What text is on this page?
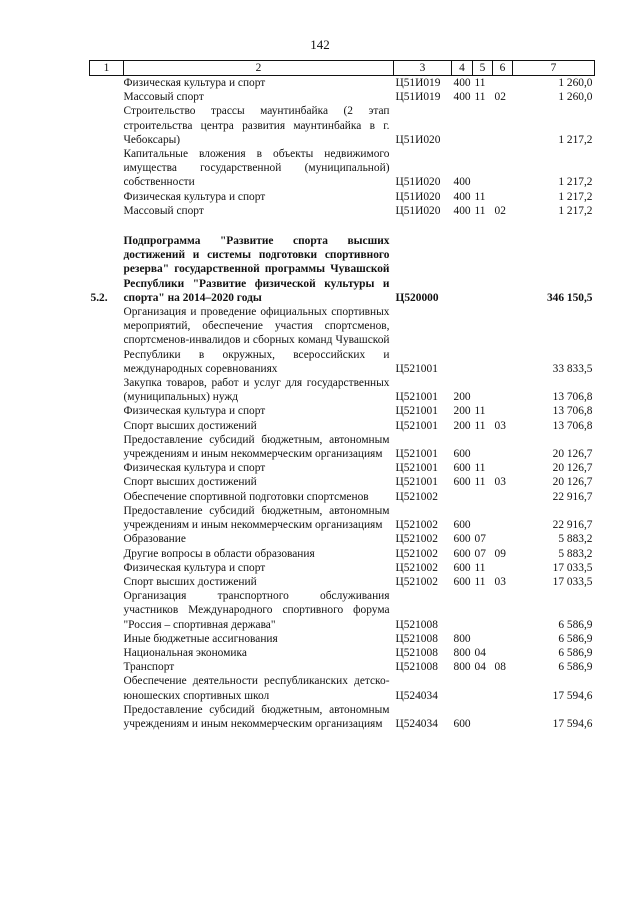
142
1	2	3	4	5	6	7
	Физическая культура и спорт	Ц51И019	400	11		1 260,0
	Массовый спорт	Ц51И019	400	11	02	1 260,0
	Строительство трассы маунтинбайка (2 этап строительства центра развития маунтинбайка в г. Чебоксары)	Ц51И020				1 217,2
	Капитальные вложения в объекты недвижимого имущества государственной (муниципальной) собственности	Ц51И020	400			1 217,2
	Физическая культура и спорт	Ц51И020	400	11		1 217,2
	Массовый спорт	Ц51И020	400	11	02	1 217,2

5.2.	Подпрограмма "Развитие спорта высших достижений и системы подготовки спортивного резерва" государственной программы Чувашской Республики "Развитие физической культуры и спорта" на 2014–2020 годы	Ц520000				346 150,5
	Организация и проведение официальных спортивных мероприятий, обеспечение участия спортсменов, спортсменов-инвалидов и сборных команд Чувашской Республики в окружных, всероссийских и международных соревнованиях	Ц521001				33 833,5
	Закупка товаров, работ и услуг для государственных (муниципальных) нужд	Ц521001	200			13 706,8
	Физическая культура и спорт	Ц521001	200	11		13 706,8
	Спорт высших достижений	Ц521001	200	11	03	13 706,8
	Предоставление субсидий бюджетным, автономным учреждениям и иным некоммерческим организациям	Ц521001	600			20 126,7
	Физическая культура и спорт	Ц521001	600	11		20 126,7
	Спорт высших достижений	Ц521001	600	11	03	20 126,7
	Обеспечение спортивной подготовки спортсменов	Ц521002				22 916,7
	Предоставление субсидий бюджетным, автономным учреждениям и иным некоммерческим организациям	Ц521002	600			22 916,7
	Образование	Ц521002	600	07		5 883,2
	Другие вопросы в области образования	Ц521002	600	07	09	5 883,2
	Физическая культура и спорт	Ц521002	600	11		17 033,5
	Спорт высших достижений	Ц521002	600	11	03	17 033,5
	Организация транспортного обслуживания участников Международного спортивного форума "Россия – спортивная держава"	Ц521008				6 586,9
	Иные бюджетные ассигнования	Ц521008	800			6 586,9
	Национальная экономика	Ц521008	800	04		6 586,9
	Транспорт	Ц521008	800	04	08	6 586,9
	Обеспечение деятельности республиканских детско-юношеских спортивных школ	Ц524034				17 594,6
	Предоставление субсидий бюджетным, автономным учреждениям и иным некоммерческим организациям	Ц524034	600			17 594,6
